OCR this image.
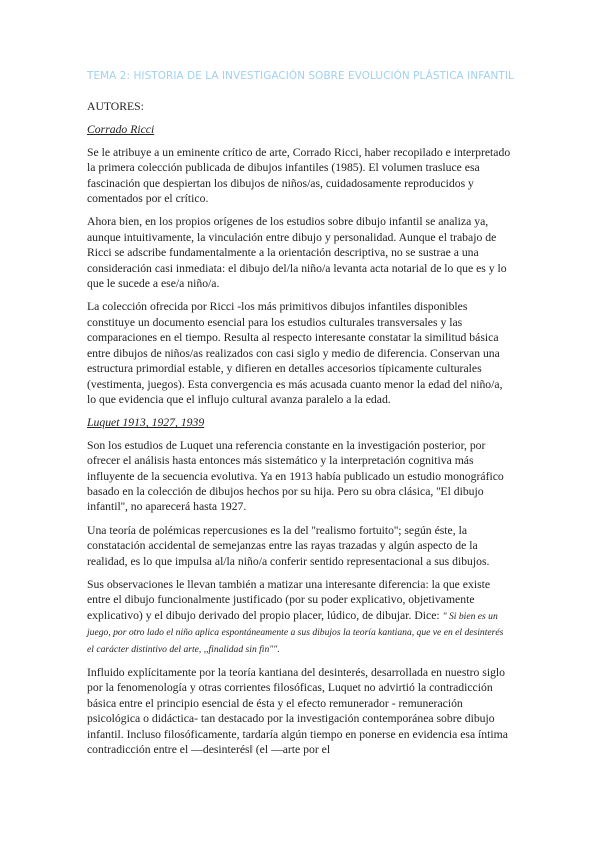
TEMA 2: HISTORIA DE LA INVESTIGACIÓN SOBRE EVOLUCIÓN PLÁSTICA INFANTIL

AUTORES:

Corrado Ricci

Se le atribuye a un eminente crítico de arte, Corrado Ricci, haber recopilado e interpretado la primera colección publicada de dibujos infantiles (1985). El volumen trasluce esa fascinación que despiertan los dibujos de niños/as, cuidadosamente reproducidos y comentados por el crítico.

Ahora bien, en los propios orígenes de los estudios sobre dibujo infantil se analiza ya, aunque intuitivamente, la vinculación entre dibujo y personalidad. Aunque el trabajo de Ricci se adscribe fundamentalmente a la orientación descriptiva, no se sustrae a una consideración casi inmediata: el dibujo del/la niño/a levanta acta notarial de lo que es y lo que le sucede a ese/a niño/a.

La colección ofrecida por Ricci -los más primitivos dibujos infantiles disponibles constituye un documento esencial para los estudios culturales transversales y las comparaciones en el tiempo. Resulta al respecto interesante constatar la similitud básica entre dibujos de niños/as realizados con casi siglo y medio de diferencia. Conservan una estructura primordial estable, y difieren en detalles accesorios típicamente culturales (vestimenta, juegos). Esta convergencia es más acusada cuanto menor la edad del niño/a, lo que evidencia que el influjo cultural avanza paralelo a la edad.

Luquet 1913, 1927, 1939

Son los estudios de Luquet una referencia constante en la investigación posterior, por ofrecer el análisis hasta entonces más sistemático y la interpretación cognitiva más influyente de la secuencia evolutiva. Ya en 1913 había publicado un estudio monográfico basado en la colección de dibujos hechos por su hija. Pero su obra clásica, ''El dibujo infantil'', no aparecerá hasta 1927.

Una teoría de polémicas repercusiones es la del ''realismo fortuito''; según éste, la constatación accidental de semejanzas entre las rayas trazadas y algún aspecto de la realidad, es lo que impulsa al/la niño/a conferir sentido representacional a sus dibujos.

Sus observaciones le llevan también a matizar una interesante diferencia: la que existe entre el dibujo funcionalmente justificado (por su poder explicativo, objetivamente explicativo) y el dibujo derivado del propio placer, lúdico, de dibujar. Dice: " Si bien es un juego, por otro lado el niño aplica espontáneamente a sus dibujos la teoría kantiana, que ve en el desinterés el carácter distintivo del arte, ,,finalidad sin fin"".

Influido explícitamente por la teoría kantiana del desinterés, desarrollada en nuestro siglo por la fenomenología y otras corrientes filosóficas, Luquet no advirtió la contradicción básica entre el principio esencial de ésta y el efecto remunerador - remuneración psicológica o didáctica- tan destacado por la investigación contemporánea sobre dibujo infantil. Incluso filosóficamente, tardaría algún tiempo en ponerse en evidencia esa íntima contradicción entre el ―desinterés‖ (el ―arte por el
